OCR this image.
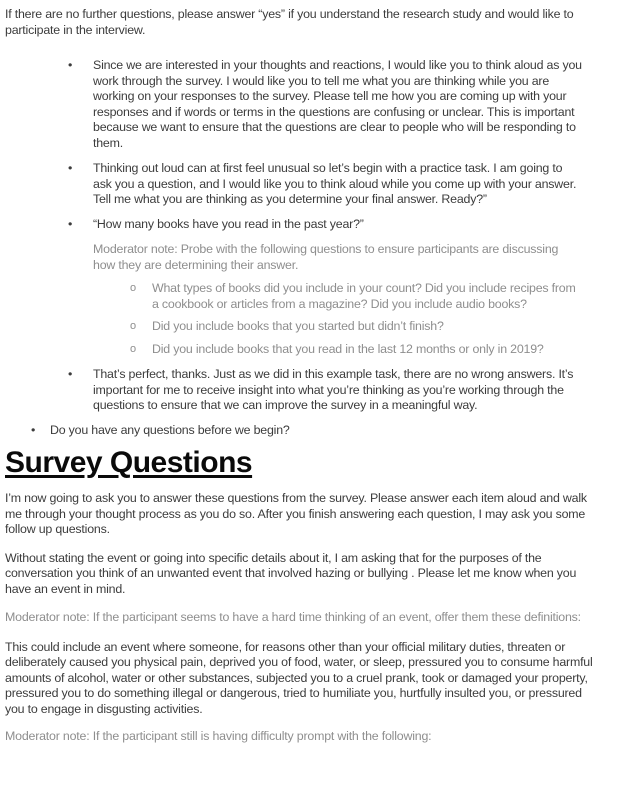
If there are no further questions, please answer “yes” if you understand the research study and would like to participate in the interview.

• Since we are interested in your thoughts and reactions, I would like you to think aloud as you work through the survey. I would like you to tell me what you are thinking while you are working on your responses to the survey. Please tell me how you are coming up with your responses and if words or terms in the questions are confusing or unclear. This is important because we want to ensure that the questions are clear to people who will be responding to them.
• Thinking out loud can at first feel unusual so let’s begin with a practice task. I am going to ask you a question, and I would like you to think aloud while you come up with your answer. Tell me what you are thinking as you determine your final answer. Ready?”
• “How many books have you read in the past year?”

Moderator note: Probe with the following questions to ensure participants are discussing how they are determining their answer.

o What types of books did you include in your count? Did you include recipes from a cookbook or articles from a magazine? Did you include audio books?
o Did you include books that you started but didn’t finish?
o Did you include books that you read in the last 12 months or only in 2019?
• That’s perfect, thanks. Just as we did in this example task, there are no wrong answers. It’s important for me to receive insight into what you’re thinking as you’re working through the questions to ensure that we can improve the survey in a meaningful way.
• Do you have any questions before we begin?
Survey Questions

I’m now going to ask you to answer these questions from the survey. Please answer each item aloud and walk me through your thought process as you do so. After you finish answering each question, I may ask you some follow up questions.

Without stating the event or going into specific details about it, I am asking that for the purposes of the conversation you think of an unwanted event that involved hazing or bullying . Please let me know when you have an event in mind.

Moderator note: If the participant seems to have a hard time thinking of an event, offer them these definitions:

This could include an event where someone, for reasons other than your official military duties, threaten or deliberately caused you physical pain, deprived you of food, water, or sleep, pressured you to consume harmful amounts of alcohol, water or other substances, subjected you to a cruel prank, took or damaged your property, pressured you to do something illegal or dangerous, tried to humiliate you, hurtfully insulted you, or pressured you to engage in disgusting activities.

Moderator note: If the participant still is having difficulty prompt with the following:
